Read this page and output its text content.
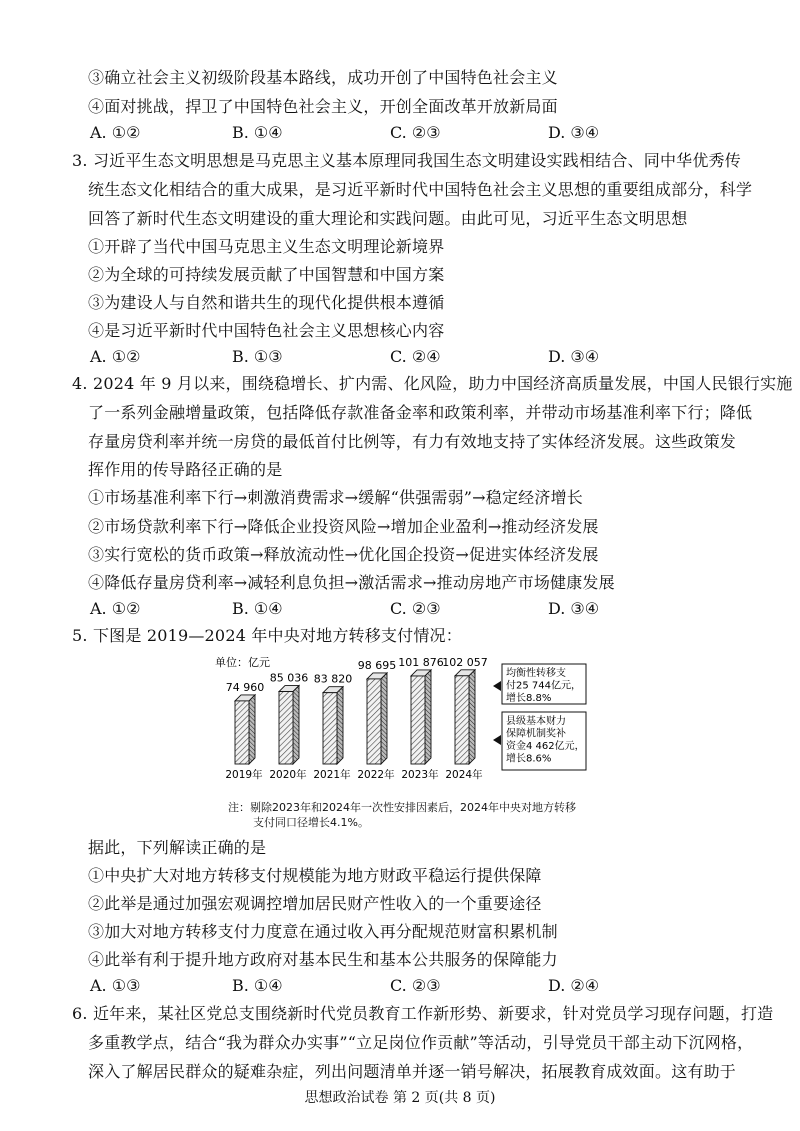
③确立社会主义初级阶段基本路线，成功开创了中国特色社会主义
④面对挑战，捍卫了中国特色社会主义，开创全面改革开放新局面
A. ①②	B. ①④	C. ②③	D. ③④
3. 习近平生态文明思想是马克思主义基本原理同我国生态文明建设实践相结合、同中华优秀传
统生态文化相结合的重大成果，是习近平新时代中国特色社会主义思想的重要组成部分，科学
回答了新时代生态文明建设的重大理论和实践问题。由此可见，习近平生态文明思想
①开辟了当代中国马克思主义生态文明理论新境界
②为全球的可持续发展贡献了中国智慧和中国方案
③为建设人与自然和谐共生的现代化提供根本遵循
④是习近平新时代中国特色社会主义思想核心内容
A. ①②	B. ①③	C. ②④	D. ③④
4. 2024 年 9 月以来，围绕稳增长、扩内需、化风险，助力中国经济高质量发展，中国人民银行实施
了一系列金融增量政策，包括降低存款准备金率和政策利率，并带动市场基准利率下行；降低
存量房贷利率并统一房贷的最低首付比例等，有力有效地支持了实体经济发展。这些政策发
挥作用的传导路径正确的是
①市场基准利率下行→刺激消费需求→缓解“供强需弱”→稳定经济增长
②市场贷款利率下行→降低企业投资风险→增加企业盈利→推动经济发展
③实行宽松的货币政策→释放流动性→优化国企投资→促进实体经济发展
④降低存量房贷利率→减轻利息负担→激活需求→推动房地产市场健康发展
A. ①②	B. ①④	C. ②③	D. ③④
5. 下图是 2019—2024 年中央对地方转移支付情况：
单位：亿元
74 960
85 036 83 820
98 695 101 876
102 057
2019年 2020年 2021年 2022年 2023年 2024年
均衡性转移支
付25 744亿元，
增长8.8%
县级基本财力
保障机制奖补
资金4 462亿元，
增长8.6%
注：剔除2023年和2024年一次性安排因素后，2024年中央对地方转移
支付同口径增长4.1%。
据此，下列解读正确的是
①中央扩大对地方转移支付规模能为地方财政平稳运行提供保障
②此举是通过加强宏观调控增加居民财产性收入的一个重要途径
③加大对地方转移支付力度意在通过收入再分配规范财富积累机制
④此举有利于提升地方政府对基本民生和基本公共服务的保障能力
A. ①③	B. ①④	C. ②③	D. ②④
6. 近年来，某社区党总支围绕新时代党员教育工作新形势、新要求，针对党员学习现存问题，打造
多重教学点，结合“我为群众办实事”“立足岗位作贡献”等活动，引导党员干部主动下沉网格，
深入了解居民群众的疑难杂症，列出问题清单并逐一销号解决，拓展教育成效面。这有助于
思想政治试卷 第 2 页(共 8 页)
